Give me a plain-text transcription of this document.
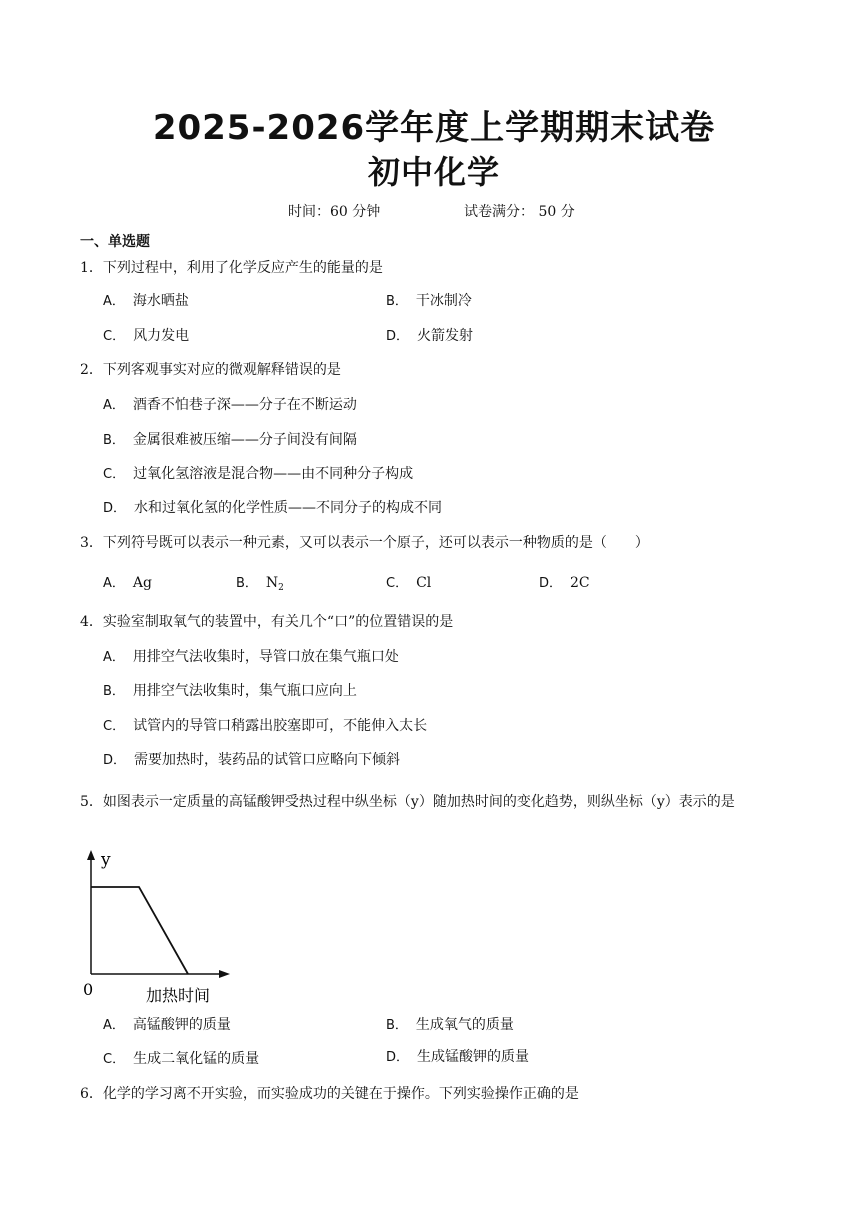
2025-2026学年度上学期期末试卷
初中化学
时间：60 分钟	试卷满分： 50 分
一、单选题
1．下列过程中，利用了化学反应产生的能量的是
A． 海水晒盐	B． 干冰制冷
C． 风力发电	D． 火箭发射
2．下列客观事实对应的微观解释错误的是
A． 酒香不怕巷子深——分子在不断运动
B． 金属很难被压缩——分子间没有间隔
C． 过氧化氢溶液是混合物——由不同种分子构成
D． 水和过氧化氢的化学性质——不同分子的构成不同
3．下列符号既可以表示一种元素，又可以表示一个原子，还可以表示一种物质的是（　　）
A． Ag	B． $N_2$	C． Cl	D． 2C
4．实验室制取氧气的装置中，有关几个“口”的位置错误的是
A． 用排空气法收集时，导管口放在集气瓶口处
B． 用排空气法收集时，集气瓶口应向上
C． 试管内的导管口稍露出胶塞即可，不能伸入太长
D． 需要加热时，装药品的试管口应略向下倾斜
5．如图表示一定质量的高锰酸钾受热过程中纵坐标（y）随加热时间的变化趋势，则纵坐标（y）表示的是
y
0	加热时间
A． 高锰酸钾的质量	B． 生成氧气的质量
C． 生成二氧化锰的质量	D． 生成锰酸钾的质量
6．化学的学习离不开实验，而实验成功的关键在于操作。下列实验操作正确的是
